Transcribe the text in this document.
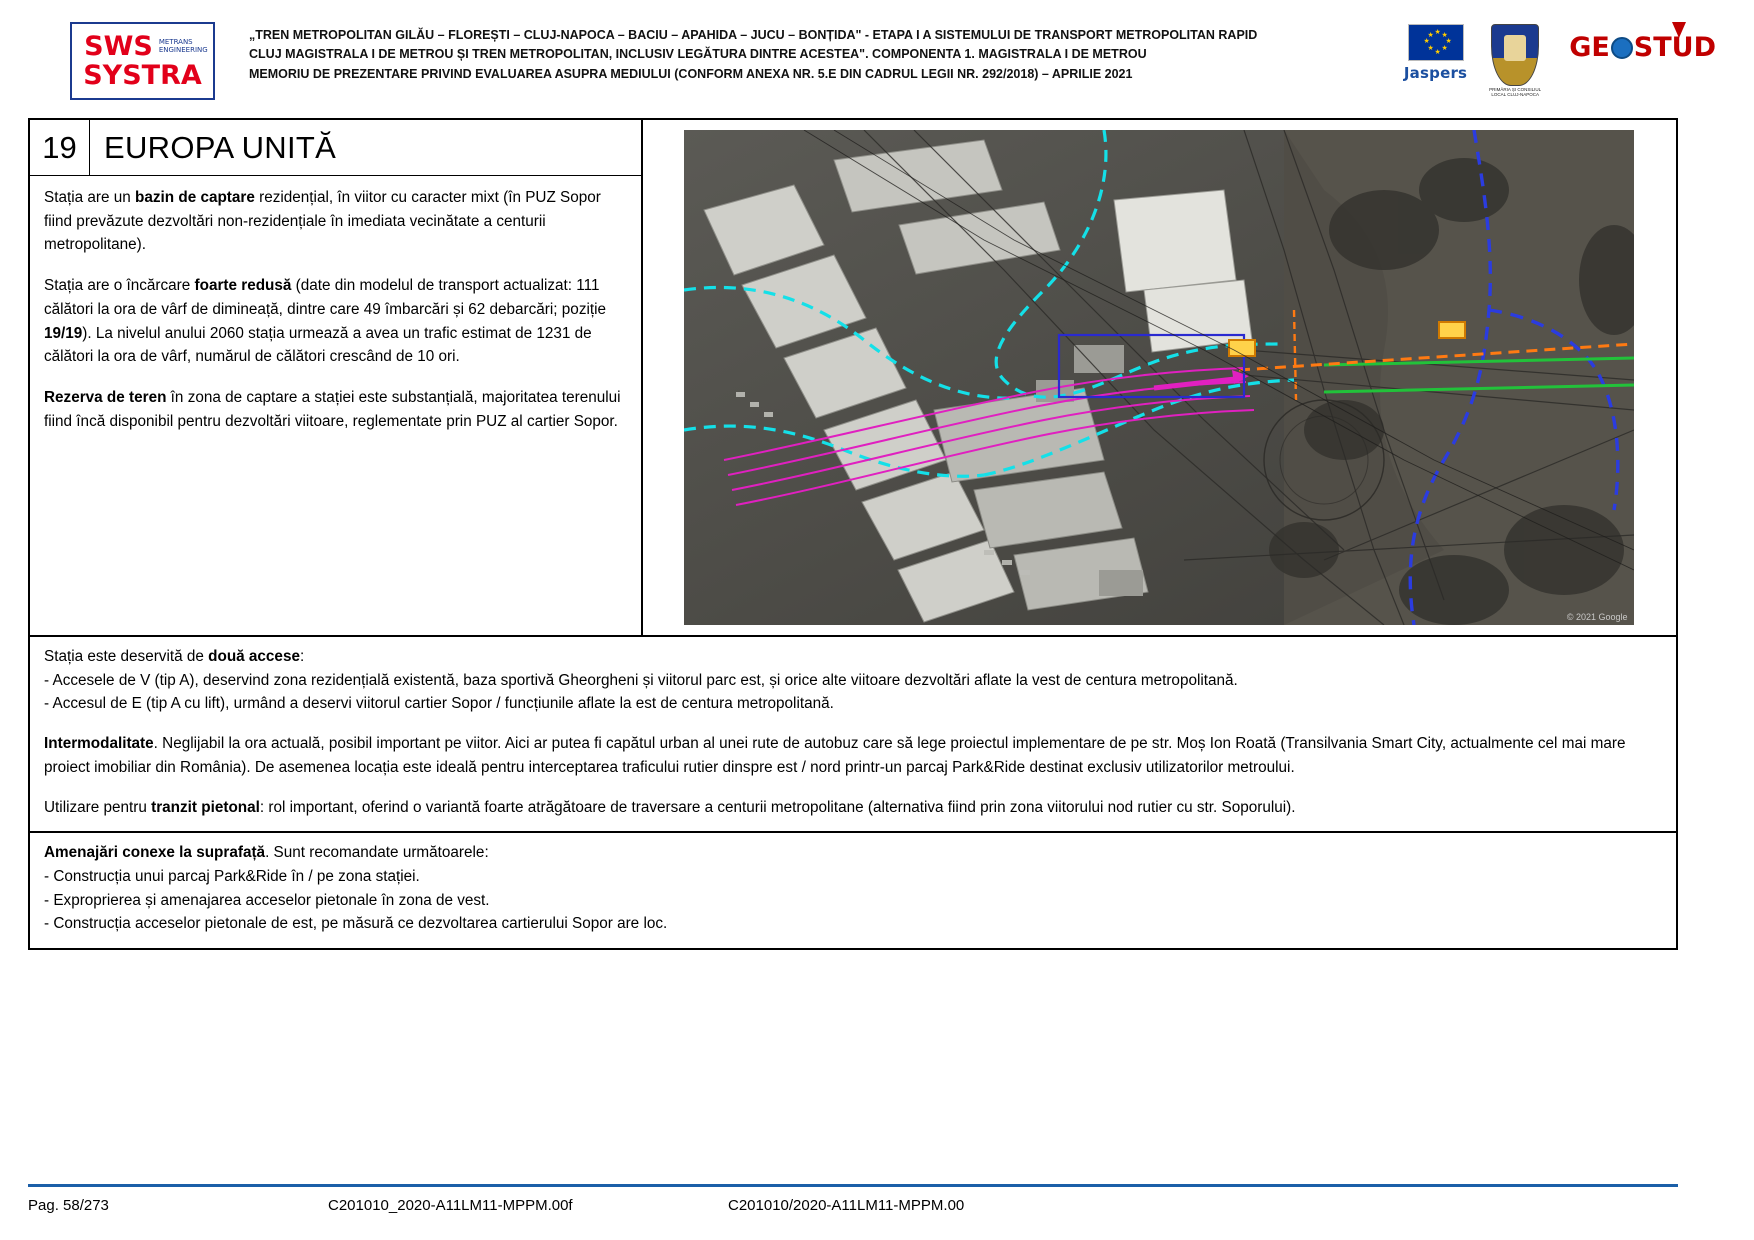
SWS METRANS ENGINEERING
SYSTRA
„TREN METROPOLITAN GILĂU – FLOREȘTI – CLUJ-NAPOCA – BACIU – APAHIDA – JUCU – BONȚIDA" - ETAPA I A SISTEMULUI DE TRANSPORT METROPOLITAN RAPID
CLUJ MAGISTRALA I DE METROU ȘI TREN METROPOLITAN, INCLUSIV LEGĂTURA DINTRE ACESTEA". COMPONENTA 1. MAGISTRALA I DE METROU
MEMORIU DE PREZENTARE PRIVIND EVALUAREA ASUPRA MEDIULUI (CONFORM ANEXA NR. 5.E DIN CADRUL LEGII NR. 292/2018) – APRILIE 2021
★ ★
★
★
★
★
★
★
Jaspers
PRIMĂRIA ȘI CONSILIUL LOCAL CLUJ-NAPOCA
GE STUD
19 EUROPA UNITĂ

Stația are un bazin de captare rezidențial, în viitor cu caracter mixt (în PUZ Sopor fiind prevăzute dezvoltări non-rezidențiale în imediata vecinătate a centurii metropolitane).

Stația are o încărcare foarte redusă (date din modelul de transport actualizat: 111 călători la ora de vârf de dimineață, dintre care 49 îmbarcări și 62 debarcări; poziție 19/19). La nivelul anului 2060 stația urmează a avea un trafic estimat de 1231 de călători la ora de vârf, numărul de călători crescând de 10 ori.

Rezerva de teren în zona de captare a stației este substanțială, majoritatea terenului fiind încă disponibil pentru dezvoltări viitoare, reglementate prin PUZ al cartier Sopor.

© 2021 Google

Stația este deservită de două accese:

- Accesele de V (tip A), deservind zona rezidențială existentă, baza sportivă Gheorgheni și viitorul parc est, și orice alte viitoare dezvoltări aflate la vest de centura metropolitană.

- Accesul de E (tip A cu lift), urmând a deservi viitorul cartier Sopor / funcțiunile aflate la est de centura metropolitană.

Intermodalitate. Neglijabil la ora actuală, posibil important pe viitor. Aici ar putea fi capătul urban al unei rute de autobuz care să lege proiectul implementare de pe str. Moș Ion Roată (Transilvania Smart City, actualmente cel mai mare proiect imobiliar din România). De asemenea locația este ideală pentru interceptarea traficului rutier dinspre est / nord printr-un parcaj Park&Ride destinat exclusiv utilizatorilor metroului.

Utilizare pentru tranzit pietonal: rol important, oferind o variantă foarte atrăgătoare de traversare a centurii metropolitane (alternativa fiind prin zona viitorului nod rutier cu str. Soporului).

Amenajări conexe la suprafață. Sunt recomandate următoarele:

- Construcția unui parcaj Park&Ride în / pe zona stației.

- Exproprierea și amenajarea acceselor pietonale în zona de vest.

- Construcția acceselor pietonale de est, pe măsură ce dezvoltarea cartierului Sopor are loc.

Pag. 58/273	C201010_2020-A11LM11-MPPM.00f	C201010/2020-A11LM11-MPPM.00
